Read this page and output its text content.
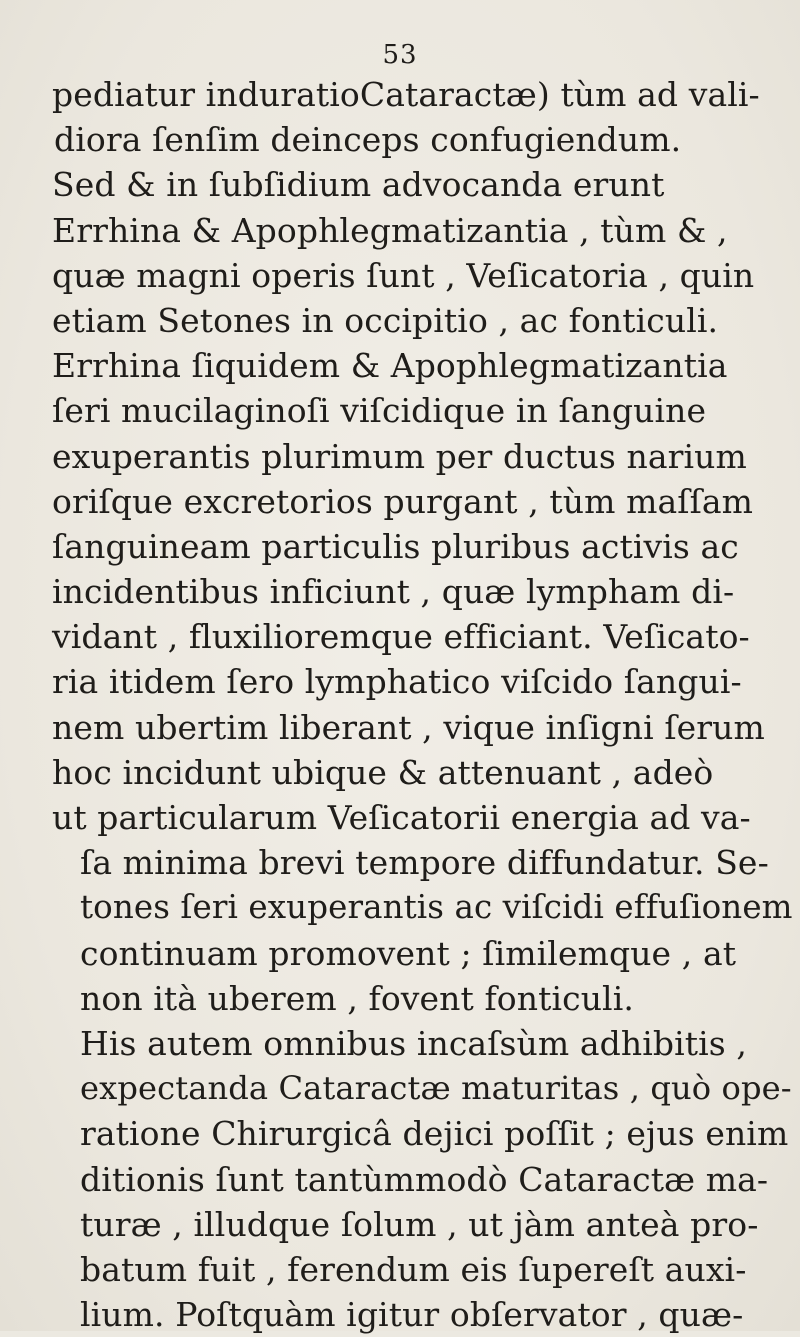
53
pediatur induratioCataractæ) tùm ad vali-
diora ſenſim deinceps confugiendum.
Sed & in ſubſidium advocanda erunt
Errhina & Apophlegmatizantia , tùm & ,
quæ magni operis ſunt , Veſicatoria , quin
etiam Setones in occipitio , ac fonticuli.
Errhina ſiquidem & Apophlegmatizantia
ſeri mucilaginoſi viſcidique in ſanguine
exuperantis plurimum per ductus narium
oriſque excretorios purgant , tùm maſſam
ſanguineam particulis pluribus activis ac
incidentibus inficiunt , quæ lympham di-
vidant , fluxilioremque efficiant. Veſicato-
ria itidem ſero lymphatico viſcido ſangui-
nem ubertim liberant , vique inſigni ſerum
hoc incidunt ubique & attenuant , adeò
ut particularum Veſicatorii energia ad va-
ſa minima brevi tempore diffundatur. Se-
tones ſeri exuperantis ac viſcidi effuſionem
continuam promovent ; ſimilemque , at
non ità uberem , fovent fonticuli.
His autem omnibus incaſsùm adhibitis ,
expectanda Cataractæ maturitas , quò ope-
ratione Chirurgicâ dejici poſſit ; ejus enim
ditionis ſunt tantùmmodò Cataractæ ma-
turæ , illudque ſolum , ut jàm anteà pro-
batum fuit , ferendum eis ſupereſt auxi-
lium. Poſtquàm igitur obſervator , quæ-
